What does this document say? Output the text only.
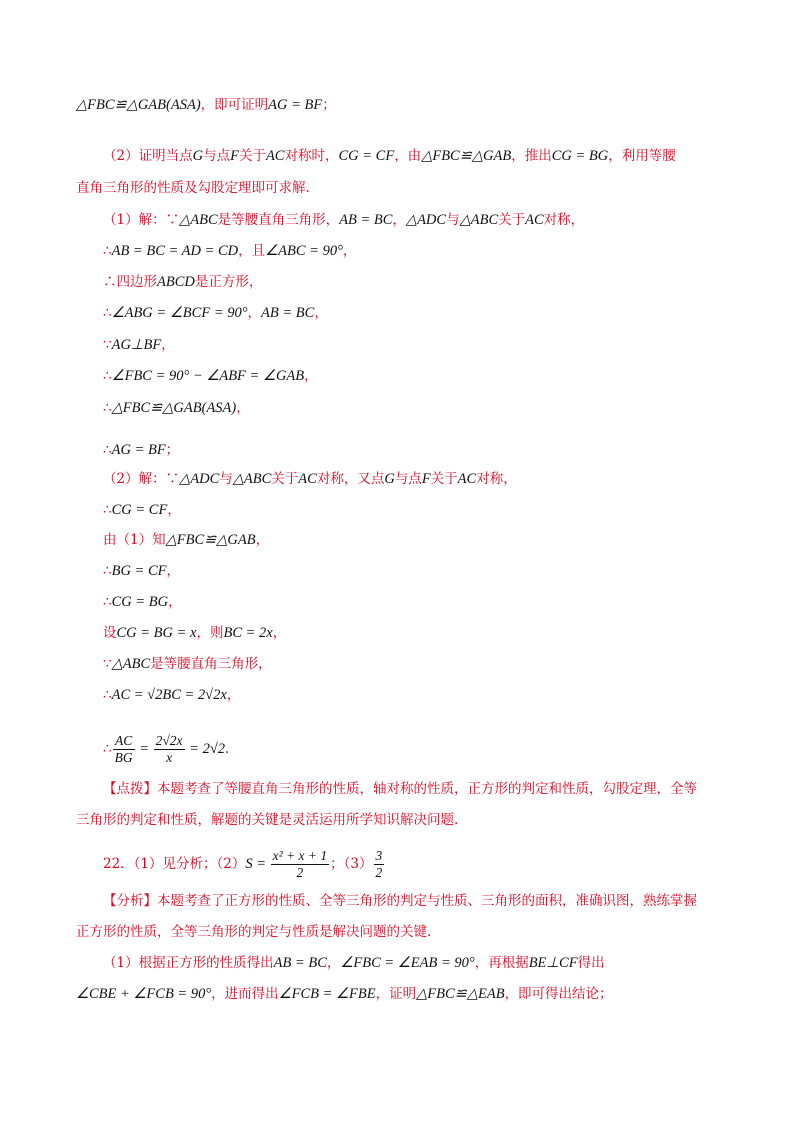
△FBC≌△GAB(ASA)，即可证明AG = BF；
（2）证明当点G与点F关于AC对称时，CG = CF，由△FBC≌△GAB，推出CG = BG，利用等腰
直角三角形的性质及勾股定理即可求解.
（1）解：∵△ABC是等腰直角三角形，AB = BC，△ADC与△ABC关于AC对称，
∴AB = BC = AD = CD，且∠ABC = 90°，
∴四边形ABCD是正方形，
∴∠ABG = ∠BCF = 90°，AB = BC，
∵AG⊥BF，
∴∠FBC = 90° − ∠ABF = ∠GAB，
∴△FBC≌△GAB(ASA)，
∴AG = BF；
（2）解：∵△ADC与△ABC关于AC对称，又点G与点F关于AC对称，
∴CG = CF，
由（1）知△FBC≌△GAB，
∴BG = CF，
∴CG = BG，
设CG = BG = x，则BC = 2x，
∵△ABC是等腰直角三角形，
∴AC = √2BC = 2√2x，
∴ $\frac{AC}{BG} = \frac{2√2x}{x} = 2√2$.
【点拨】本题考查了等腰直角三角形的性质，轴对称的性质，正方形的判定和性质，勾股定理，全等
三角形的判定和性质，解题的关键是灵活运用所学知识解决问题.
22．（1）见分析；$(2)S = \frac{\text{x² + x + 1}}{2}$ ；$(3) \frac{3}{2}$
【分析】本题考查了正方形的性质、全等三角形的判定与性质、三角形的面积，准确识图，熟练掌握
正方形的性质，全等三角形的判定与性质是解决问题的关键.
（1）根据正方形的性质得出AB = BC，∠FBC = ∠EAB = 90°，再根据BE⊥CF得出
∠CBE + ∠FCB = 90°，进而得出∠FCB = ∠FBE，证明△FBC≌△EAB，即可得出结论；
